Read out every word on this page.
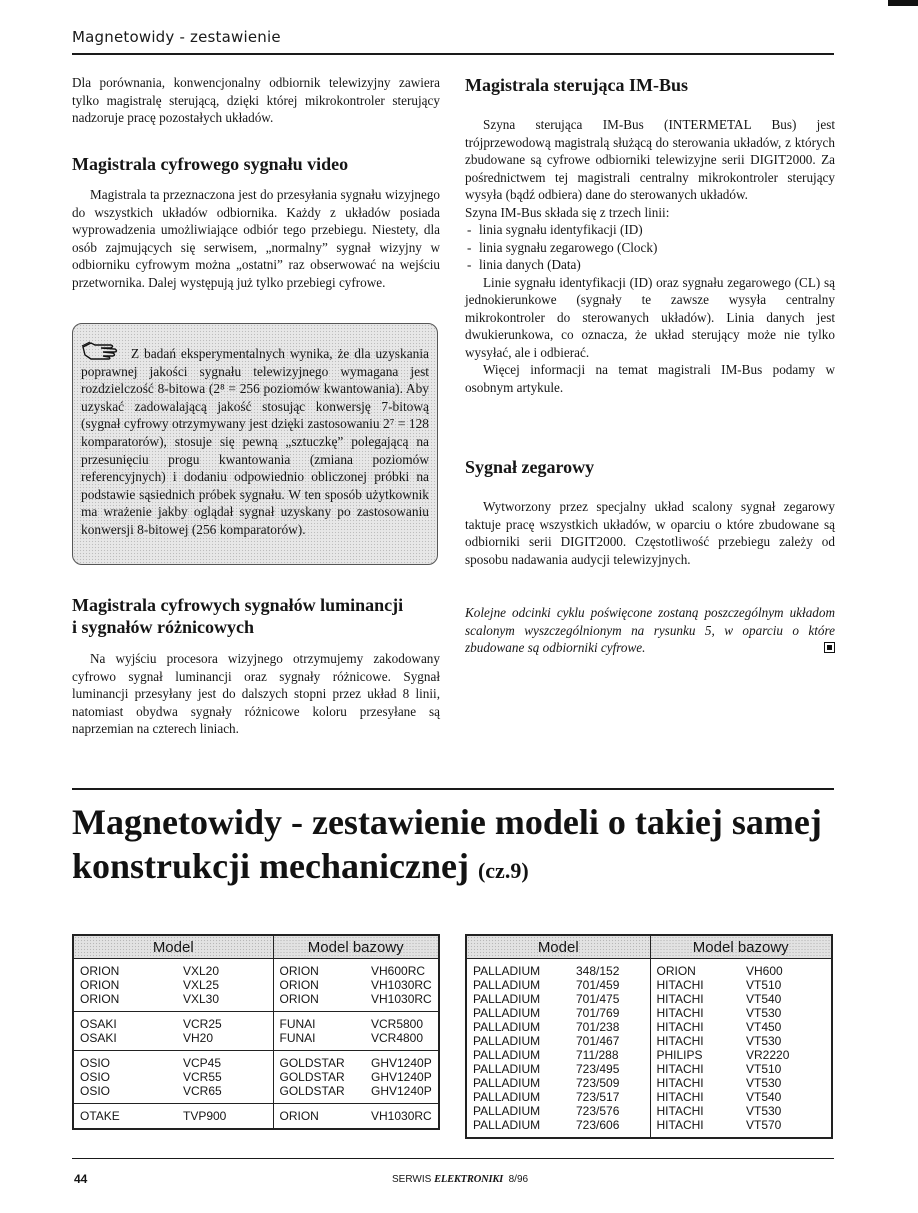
Magnetowidy - zestawienie

Dla porównania, konwencjonalny odbiornik telewizyjny zawiera tylko magistralę sterującą, dzięki której mikrokontroler sterujący nadzoruje pracę pozostałych układów.

Magistrala cyfrowego sygnału video

Magistrala ta przeznaczona jest do przesyłania sygnału wizyjnego do wszystkich układów odbiornika. Każdy z układów posiada wyprowadzenia umożliwiające odbiór tego przebiegu. Niestety, dla osób zajmujących się serwisem, „normalny” sygnał wizyjny w odbiorniku cyfrowym można „ostatni” raz obserwować na wejściu przetwornika. Dalej występują już tylko przebiegi cyfrowe.

Z badań eksperymentalnych wynika, że dla uzyskania poprawnej jakości sygnału telewizyjnego wymagana jest rozdzielczość 8-bitowa (2⁸ = 256 poziomów kwantowania). Aby uzyskać zadowalającą jakość stosując konwersję 7-bitową (sygnał cyfrowy otrzymywany jest dzięki zastosowaniu 2⁷ = 128 komparatorów), stosuje się pewną „sztuczkę” polegającą na przesunięciu progu kwantowania (zmiana poziomów referencyjnych) i dodaniu odpowiednio obliczonej próbki na podstawie sąsiednich próbek sygnału. W ten sposób użytkownik ma wrażenie jakby oglądał sygnał uzyskany po zastosowaniu konwersji 8-bitowej (256 komparatorów).

Magistrala cyfrowych sygnałów luminancji
i sygnałów różnicowych

Na wyjściu procesora wizyjnego otrzymujemy zakodowany cyfrowo sygnał luminancji oraz sygnały różnicowe. Sygnał luminancji przesyłany jest do dalszych stopni przez układ 8 linii, natomiast obydwa sygnały różnicowe koloru przesyłane są naprzemian na czterech liniach.

Magistrala sterująca IM-Bus

Szyna sterująca IM-Bus (INTERMETAL Bus) jest trójprzewodową magistralą służącą do sterowania układów, z których zbudowane są cyfrowe odbiorniki telewizyjne serii DIGIT2000. Za pośrednictwem tej magistrali centralny mikrokontroler sterujący wysyła (bądź odbiera) dane do sterowanych układów.

Szyna IM-Bus składa się z trzech linii:

- linia sygnału identyfikacji (ID)
- linia sygnału zegarowego (Clock)
- linia danych (Data)

Linie sygnału identyfikacji (ID) oraz sygnału zegarowego (CL) są jednokierunkowe (sygnały te zawsze wysyła centralny mikrokontroler do sterowanych układów). Linia danych jest dwukierunkowa, co oznacza, że układ sterujący może nie tylko wysyłać, ale i odbierać.

Więcej informacji na temat magistrali IM-Bus podamy w osobnym artykule.

Sygnał zegarowy

Wytworzony przez specjalny układ scalony sygnał zegarowy taktuje pracę wszystkich układów, w oparciu o które zbudowane są odbiorniki serii DIGIT2000. Częstotliwość przebiegu zależy od sposobu nadawania audycji telewizyjnych.

Kolejne odcinki cyklu poświęcone zostaną poszczególnym układom scalonym wyszczególnionym na rysunku 5, w oparciu o które zbudowane są odbiorniki cyfrowe.

Magnetowidy - zestawienie modeli o takiej samej
konstrukcji mechanicznej (cz.9)
Model		Model bazowy	
ORION	VXL20	ORION	VH600RC
ORION	VXL25	ORION	VH1030RC
ORION	VXL30	ORION	VH1030RC
OSAKI	VCR25	FUNAI	VCR5800
OSAKI	VH20	FUNAI	VCR4800
OSIO	VCP45	GOLDSTAR	GHV1240P
OSIO	VCR55	GOLDSTAR	GHV1240P
OSIO	VCR65	GOLDSTAR	GHV1240P
OTAKE	TVP900	ORION	VH1030RC
Model		Model bazowy	
PALLADIUM	348/152	ORION	VH600
PALLADIUM	701/459	HITACHI	VT510
PALLADIUM	701/475	HITACHI	VT540
PALLADIUM	701/769	HITACHI	VT530
PALLADIUM	701/238	HITACHI	VT450
PALLADIUM	701/467	HITACHI	VT530
PALLADIUM	711/288	PHILIPS	VR2220
PALLADIUM	723/495	HITACHI	VT510
PALLADIUM	723/509	HITACHI	VT530
PALLADIUM	723/517	HITACHI	VT540
PALLADIUM	723/576	HITACHI	VT530
PALLADIUM	723/606	HITACHI	VT570
44	SERWIS ELEKTRONIKI 8/96
